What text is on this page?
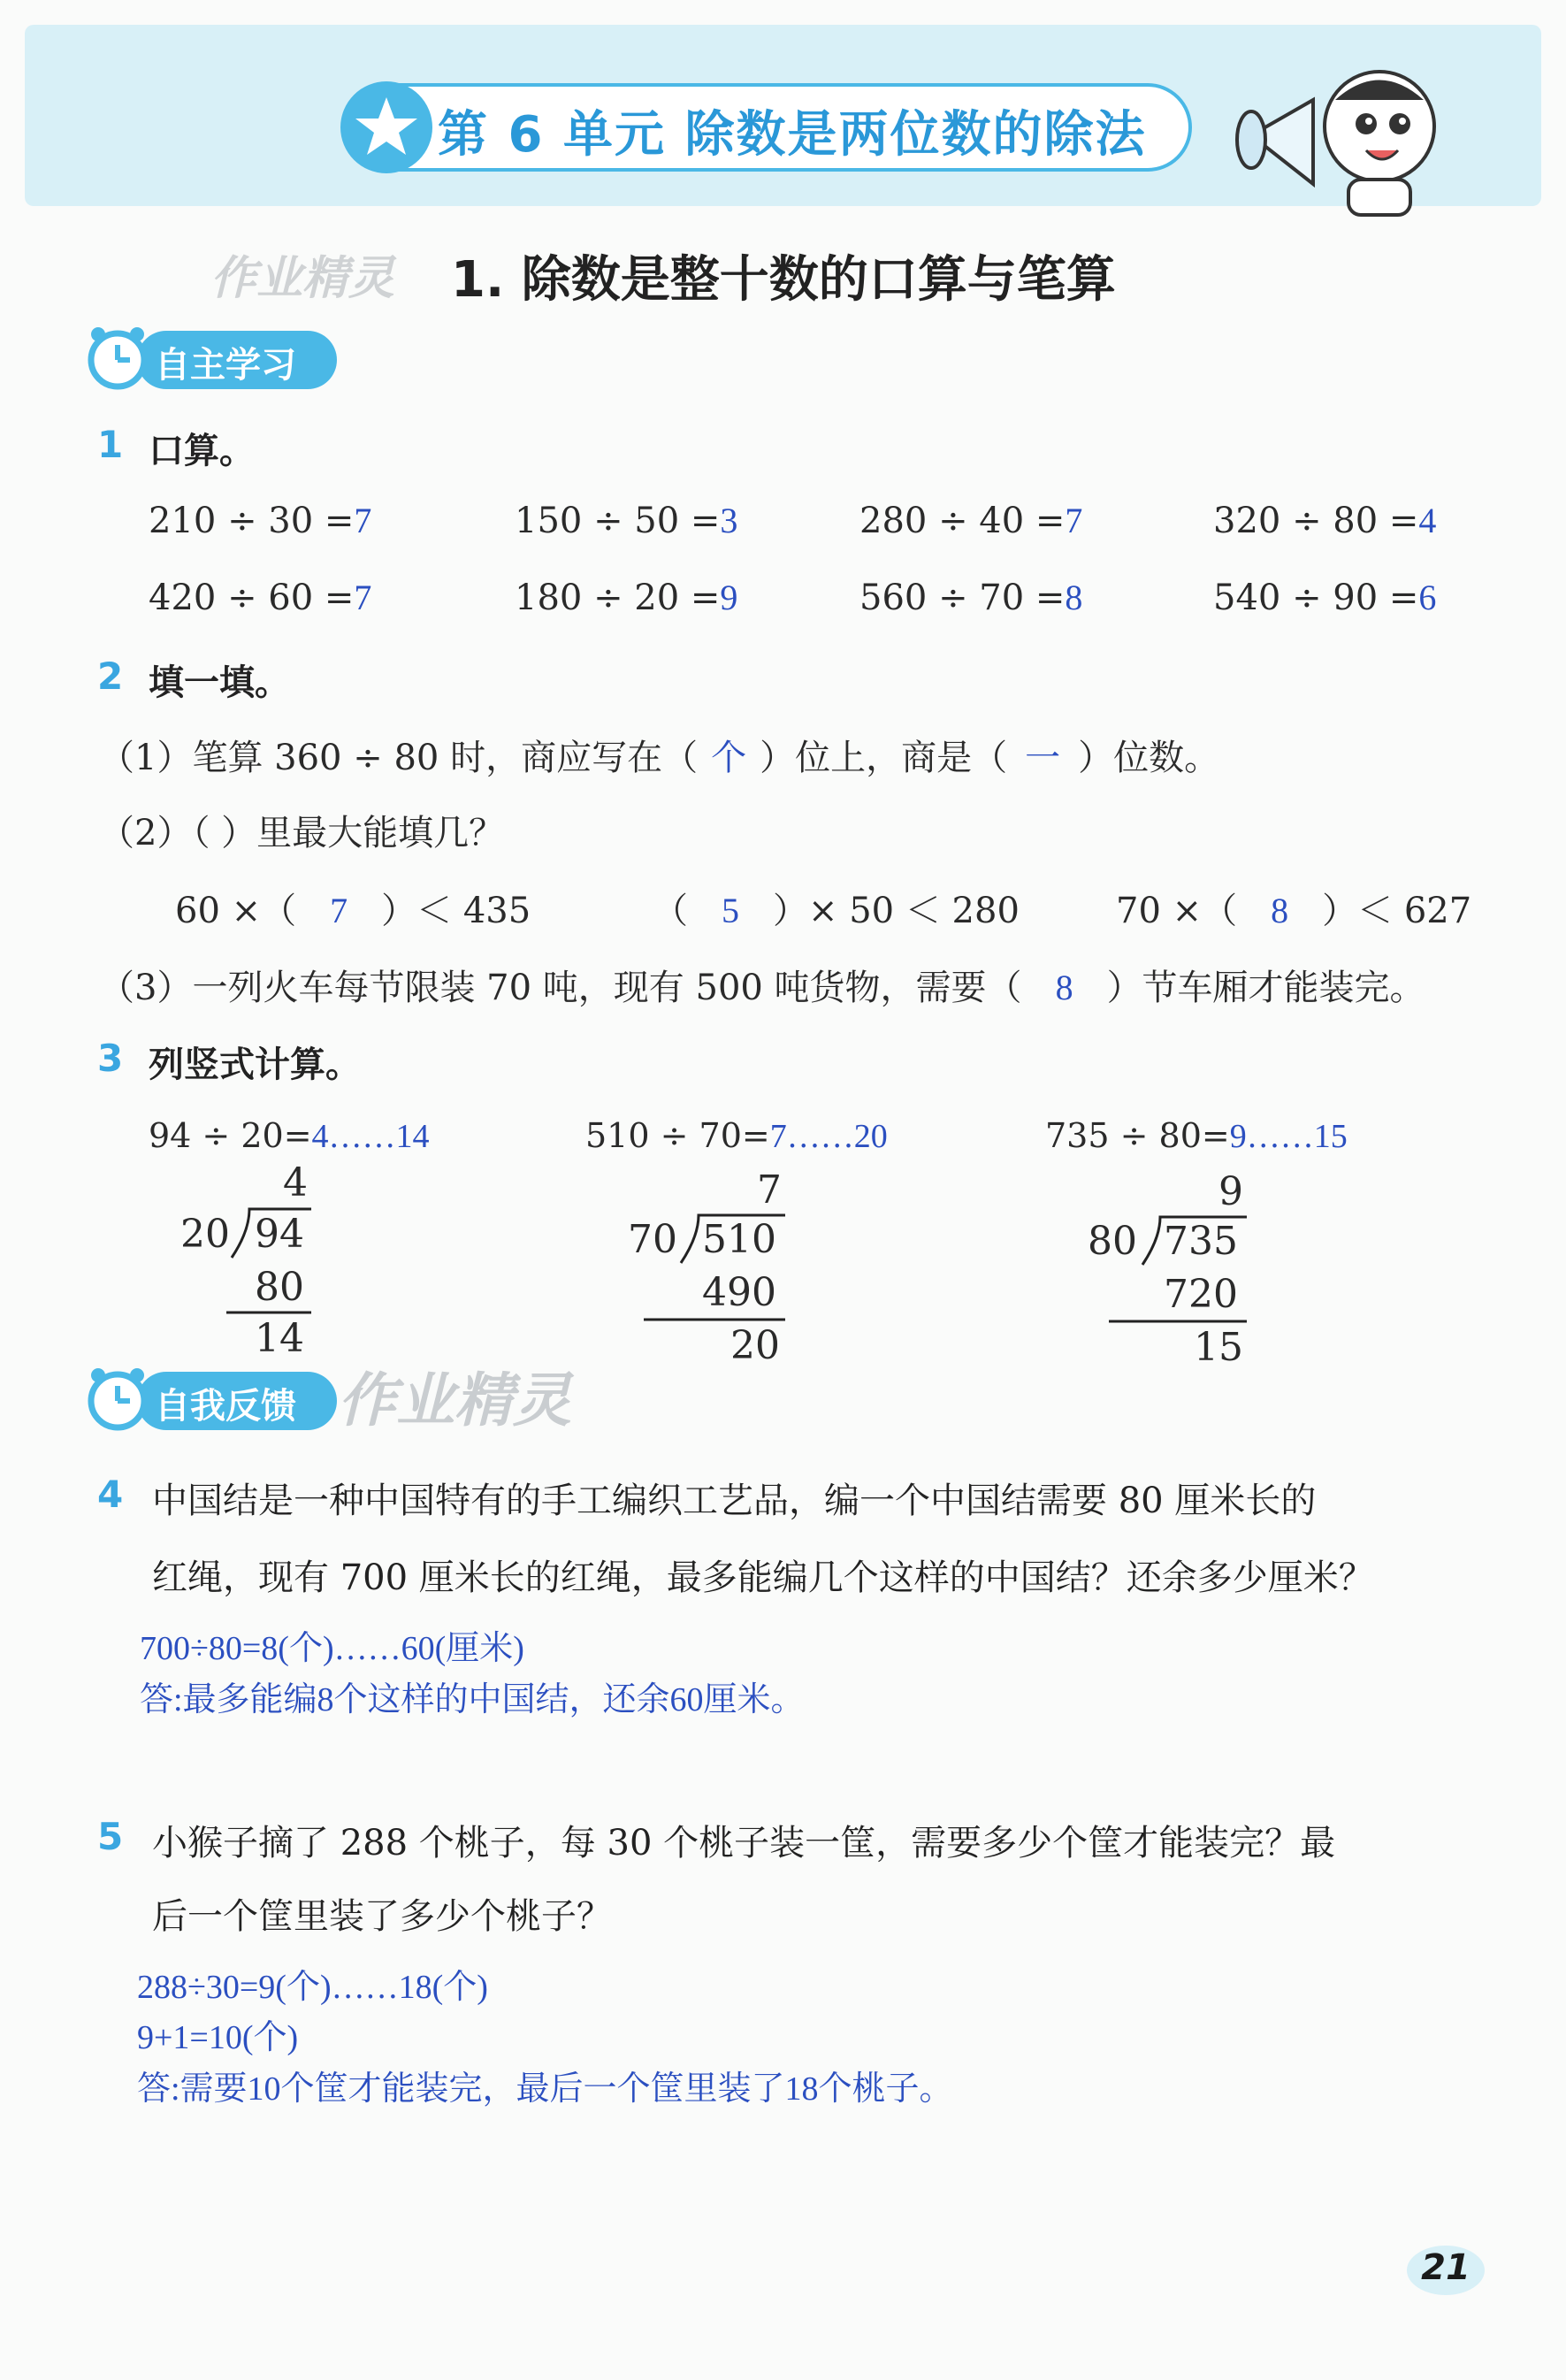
第 6 单元 除数是两位数的除法
作业精灵 1. 除数是整十数的口算与笔算
自主学习
1 口算。
210 ÷ 30 =7	150 ÷ 50 =3	280 ÷ 40 =7	320 ÷ 80 =4
420 ÷ 60 =7	180 ÷ 20 =9	560 ÷ 70 =8	540 ÷ 90 =6
2 填一填。
（1）笔算 360 ÷ 80 时，商应写在（ 个 ）位上，商是（ 一 ）位数。
（2）（ ）里最大能填几？
60 ×（ 7 ）＜ 435	（ 5 ）× 50 ＜ 280	70 ×（ 8 ）＜ 627
（3）一列火车每节限装 70 吨，现有 500 吨货物，需要（ 8 ）节车厢才能装完。
3 列竖式计算。
94 ÷ 20=4……14	510 ÷ 70=7……20	735 ÷ 80=9……15
4
20 94
80
14
7
70 510
490
20
9
80 735
720
15
自我反馈 作业精灵
4 中国结是一种中国特有的手工编织工艺品，编一个中国结需要 80 厘米长的
红绳，现有 700 厘米长的红绳，最多能编几个这样的中国结？还余多少厘米？
700÷80=8(个)……60(厘米)
答:最多能编8个这样的中国结，还余60厘米。
5 小猴子摘了 288 个桃子，每 30 个桃子装一筐，需要多少个筐才能装完？最
后一个筐里装了多少个桃子？
288÷30=9(个)……18(个)
9+1=10(个)
答:需要10个筐才能装完，最后一个筐里装了18个桃子。
21
